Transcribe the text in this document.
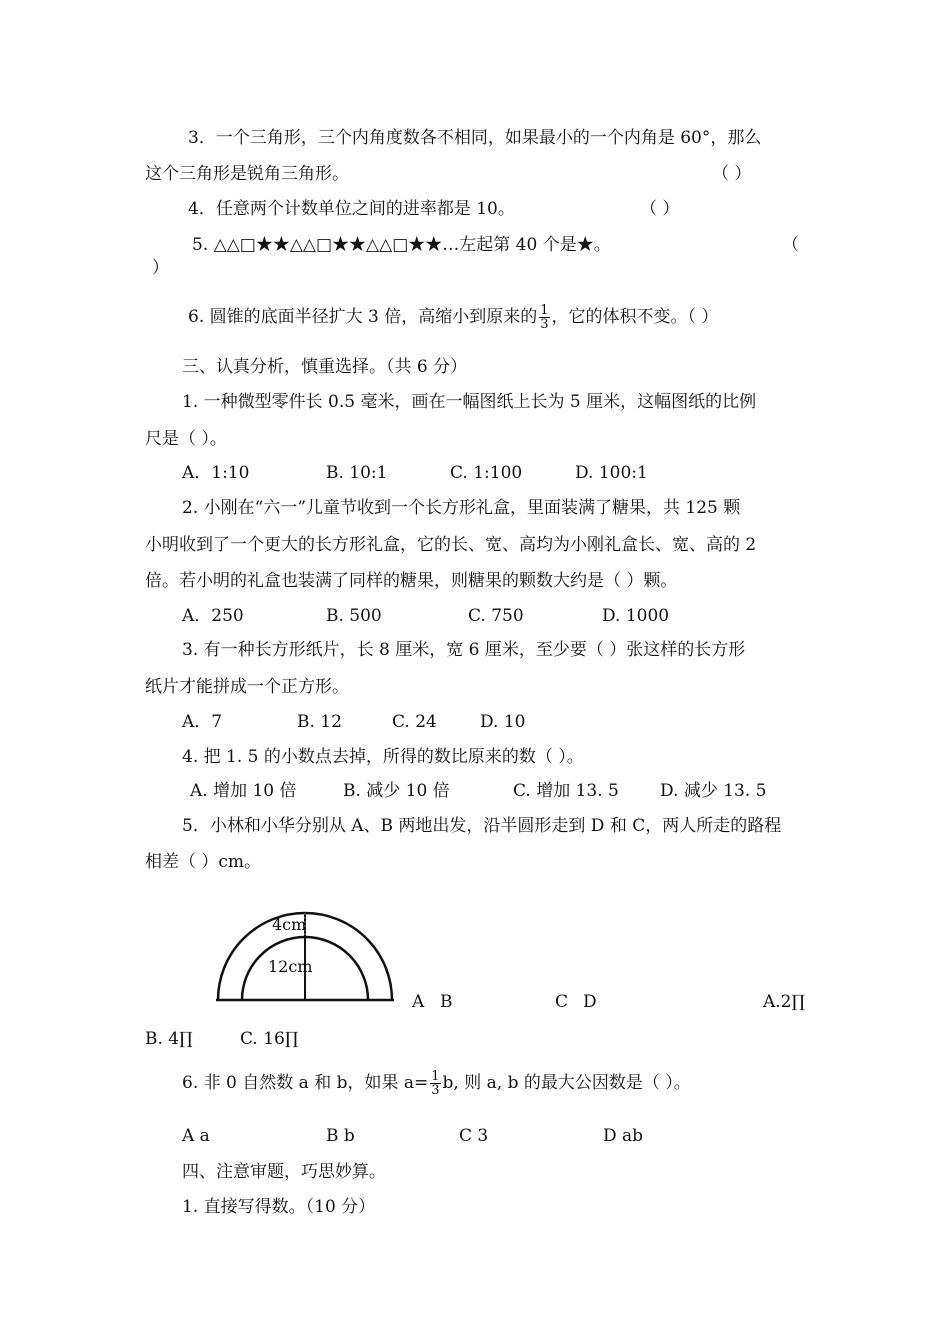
3．一个三角形，三个内角度数各不相同，如果最小的一个内角是 60°，那么
这个三角形是锐角三角形。	（ ）
4．任意两个计数单位之间的进率都是 10。	（ ）
5. △△□★★△△□★★△△□★★…左起第 40 个是★。	（
）
6. 圆锥的底面半径扩大 3 倍，高缩小到原来的 $\frac{1}{3}$ ，它的体积不变。（ ）
三、认真分析，慎重选择。（共 6 分）
1. 一种微型零件长 0.5 毫米，画在一幅图纸上长为 5 厘米，这幅图纸的比例
尺是（ ）。
A．1:10	B. 10:1	C. 1:100	D. 100:1
2. 小刚在“六一”儿童节收到一个长方形礼盒，里面装满了糖果，共 125 颗
小明收到了一个更大的长方形礼盒，它的长、宽、高均为小刚礼盒长、宽、高的 2
倍。若小明的礼盒也装满了同样的糖果，则糖果的颗数大约是（ ）颗。
A．250	B. 500	C. 750	D. 1000
3. 有一种长方形纸片，长 8 厘米，宽 6 厘米，至少要（ ）张这样的长方形
纸片才能拼成一个正方形。
A．7	B. 12	C. 24	D. 10
4. 把 1. 5 的小数点去掉，所得的数比原来的数（ ）。
A. 增加 10 倍	B. 减少 10 倍	C. 增加 13. 5 D. 减少 13. 5
5．小林和小华分别从 A、B 两地出发，沿半圆形走到 D 和 C，两人所走的路程
相差（ ）cm。
4cm
12cm
A B	C D	A.2∏
B. 4∏	C. 16∏
6. 非 0 自然数 a 和 b，如果 $a= \frac{1}{3} b$, 则 a, b 的最大公因数是（ ）。
A a	B b	C 3	D ab
四、注意审题，巧思妙算。
1. 直接写得数。（10 分）
